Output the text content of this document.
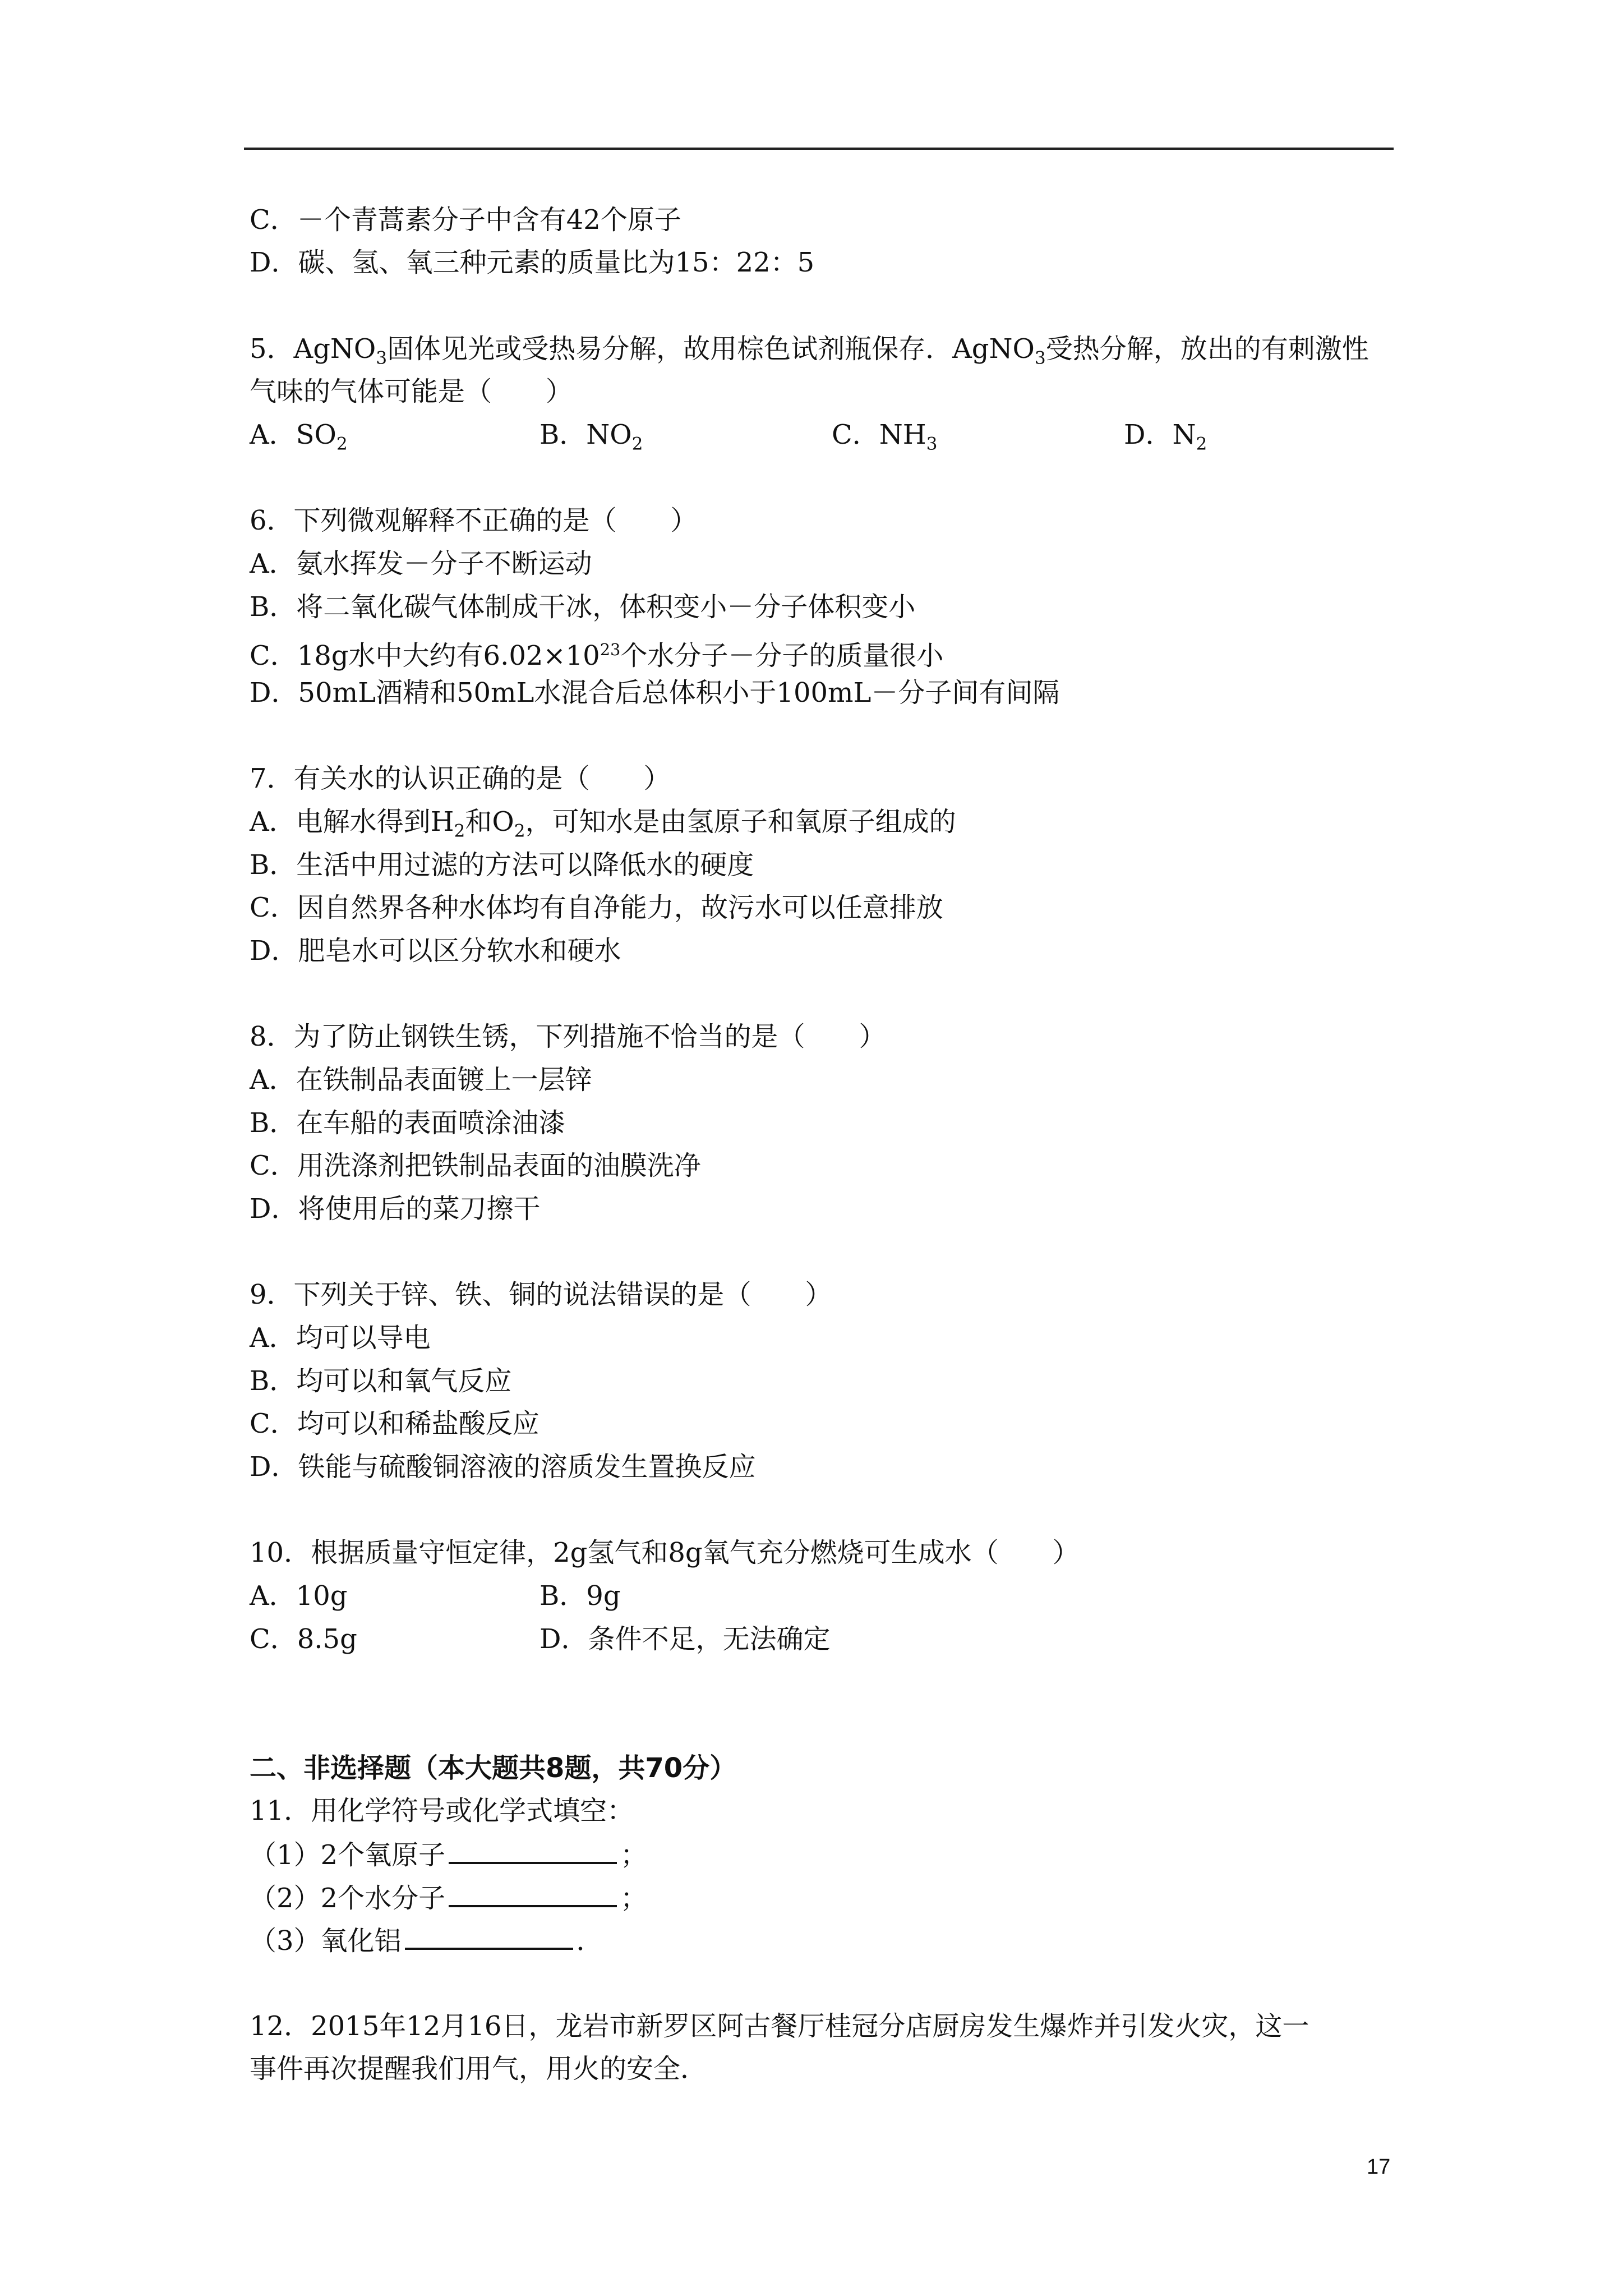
C．－个青蒿素分子中含有42个原子
D．碳、氢、氧三种元素的质量比为15：22：5
5．AgNO$_3$固体见光或受热易分解，故用棕色试剂瓶保存．AgNO$_3$受热分解，放出的有刺激性
气味的气体可能是（　　）
A．$SO_2$	B．$NO_2$	C．$NH_3$	D．$N_2$
6．下列微观解释不正确的是（　　）
A．氨水挥发－分子不断运动
B．将二氧化碳气体制成干冰，体积变小－分子体积变小
C．18g水中大约有$6.02\times 10^{23}$个水分子－分子的质量很小
D．50mL酒精和50mL水混合后总体积小于100mL－分子间有间隔
7．有关水的认识正确的是（　　）
A．电解水得到$H_2$和$O_2$，可知水是由氢原子和氧原子组成的
B．生活中用过滤的方法可以降低水的硬度
C．因自然界各种水体均有自净能力，故污水可以任意排放
D．肥皂水可以区分软水和硬水
8．为了防止钢铁生锈，下列措施不恰当的是（　　）
A．在铁制品表面镀上一层锌
B．在车船的表面喷涂油漆
C．用洗涤剂把铁制品表面的油膜洗净
D．将使用后的菜刀擦干
9．下列关于锌、铁、铜的说法错误的是（　　）
A．均可以导电
B．均可以和氧气反应
C．均可以和稀盐酸反应
D．铁能与硫酸铜溶液的溶质发生置换反应
10．根据质量守恒定律，2g氢气和8g氧气充分燃烧可生成水（　　）
A．10g	B．9g
C．8.5g	D．条件不足，无法确定
二、非选择题（本大题共8题，共70分）
11．用化学符号或化学式填空：
（1）2个氧原子	；
（2）2个水分子	；
（3）氧化铝	．
12．2015年12月16日，龙岩市新罗区阿古餐厅桂冠分店厨房发生爆炸并引发火灾，这一
事件再次提醒我们用气，用火的安全．
17
